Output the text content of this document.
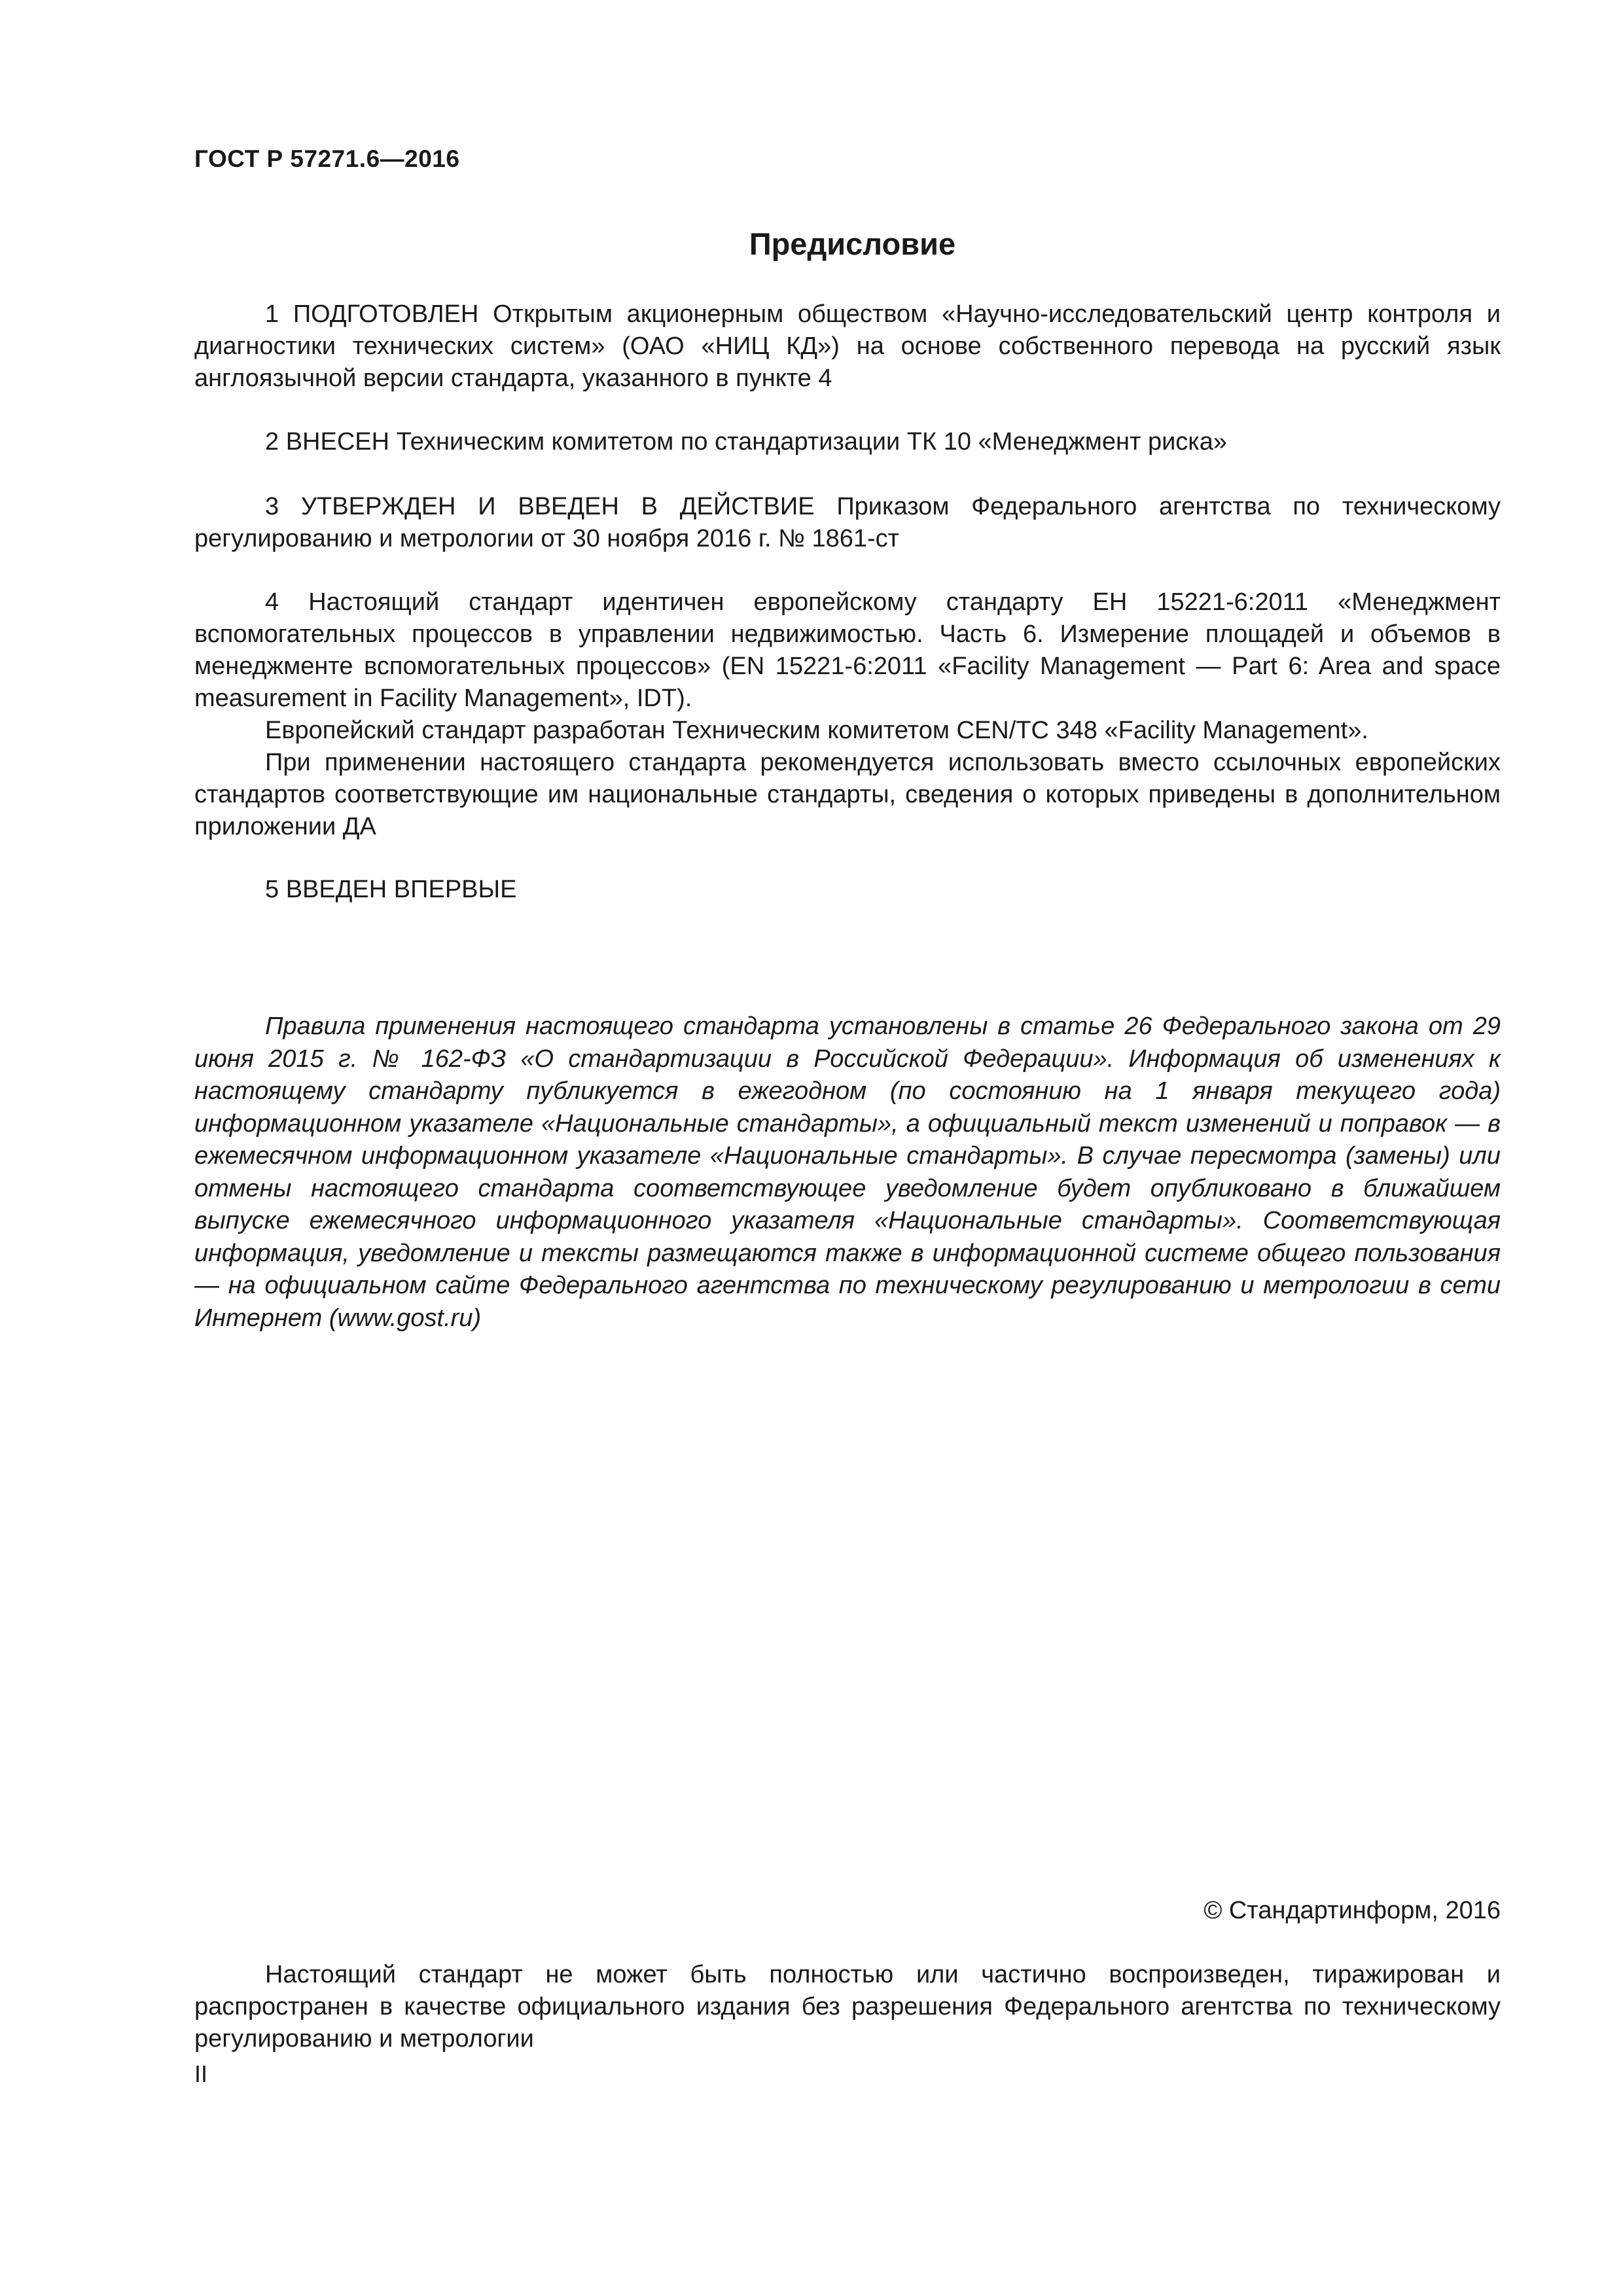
ГОСТ Р 57271.6—2016
Предисловие

1 ПОДГОТОВЛЕН Открытым акционерным обществом «Научно-исследовательский центр контроля и диагностики технических систем» (ОАО «НИЦ КД») на основе собственного перевода на русский язык англоязычной версии стандарта, указанного в пункте 4

2 ВНЕСЕН Техническим комитетом по стандартизации ТК 10 «Менеджмент риска»

3 УТВЕРЖДЕН И ВВЕДЕН В ДЕЙСТВИЕ Приказом Федерального агентства по техническому регулированию и метрологии от 30 ноября 2016 г. № 1861-ст

4 Настоящий стандарт идентичен европейскому стандарту ЕН 15221-6:2011 «Менеджмент вспомогательных процессов в управлении недвижимостью. Часть 6. Измерение площадей и объемов в менеджменте вспомогательных процессов» (EN 15221-6:2011 «Facility Management — Part 6: Area and space measurement in Facility Management», IDT).

Европейский стандарт разработан Техническим комитетом CEN/TC 348 «Facility Management».

При применении настоящего стандарта рекомендуется использовать вместо ссылочных европейских стандартов соответствующие им национальные стандарты, сведения о которых приведены в дополнительном приложении ДА

5 ВВЕДЕН ВПЕРВЫЕ

Правила применения настоящего стандарта установлены в статье 26 Федерального закона от 29 июня 2015 г. № 162-ФЗ «О стандартизации в Российской Федерации». Информация об изменениях к настоящему стандарту публикуется в ежегодном (по состоянию на 1 января текущего года) информационном указателе «Национальные стандарты», а официальный текст изменений и поправок — в ежемесячном информационном указателе «Национальные стандарты». В случае пересмотра (замены) или отмены настоящего стандарта соответствующее уведомление будет опубликовано в ближайшем выпуске ежемесячного информационного указателя «Национальные стандарты». Соответствующая информация, уведомление и тексты размещаются также в информационной системе общего пользования — на официальном сайте Федерального агентства по техническому регулированию и метрологии в сети Интернет (www.gost.ru)

© Стандартинформ, 2016

Настоящий стандарт не может быть полностью или частично воспроизведен, тиражирован и распространен в качестве официального издания без разрешения Федерального агентства по техническому регулированию и метрологии

II
